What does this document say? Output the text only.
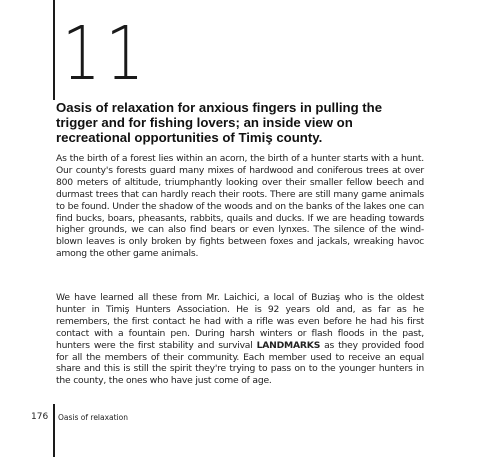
11
Oasis of relaxation for anxious fingers in pulling the trigger and for fishing lovers; an inside view on recreational opportunities of Timiş county.
As the birth of a forest lies within an acorn, the birth of a hunter starts with a hunt. Our county's forests guard many mixes of hardwood and coniferous trees at over 800 meters of altitude, triumphantly looking over their smaller fellow beech and durmast trees that can hardly reach their roots. There are still many game animals to be found. Under the shadow of the woods and on the banks of the lakes one can find bucks, boars, pheasants, rabbits, quails and ducks. If we are heading towards higher grounds, we can also find bears or even lynxes. The silence of the wind-blown leaves is only broken by fights between foxes and jackals, wreaking havoc among the other game animals.
We have learned all these from Mr. Laichici, a local of Buziaş who is the oldest hunter in Timiş Hunters Association. He is 92 years old and, as far as he remembers, the first contact he had with a rifle was even before he had his first contact with a fountain pen. During harsh winters or flash floods in the past, hunters were the first stability and survival LANDMARKS as they provided food for all the members of their community. Each member used to receive an equal share and this is still the spirit they're trying to pass on to the younger hunters in the county, the ones who have just come of age.
176 Oasis of relaxation
